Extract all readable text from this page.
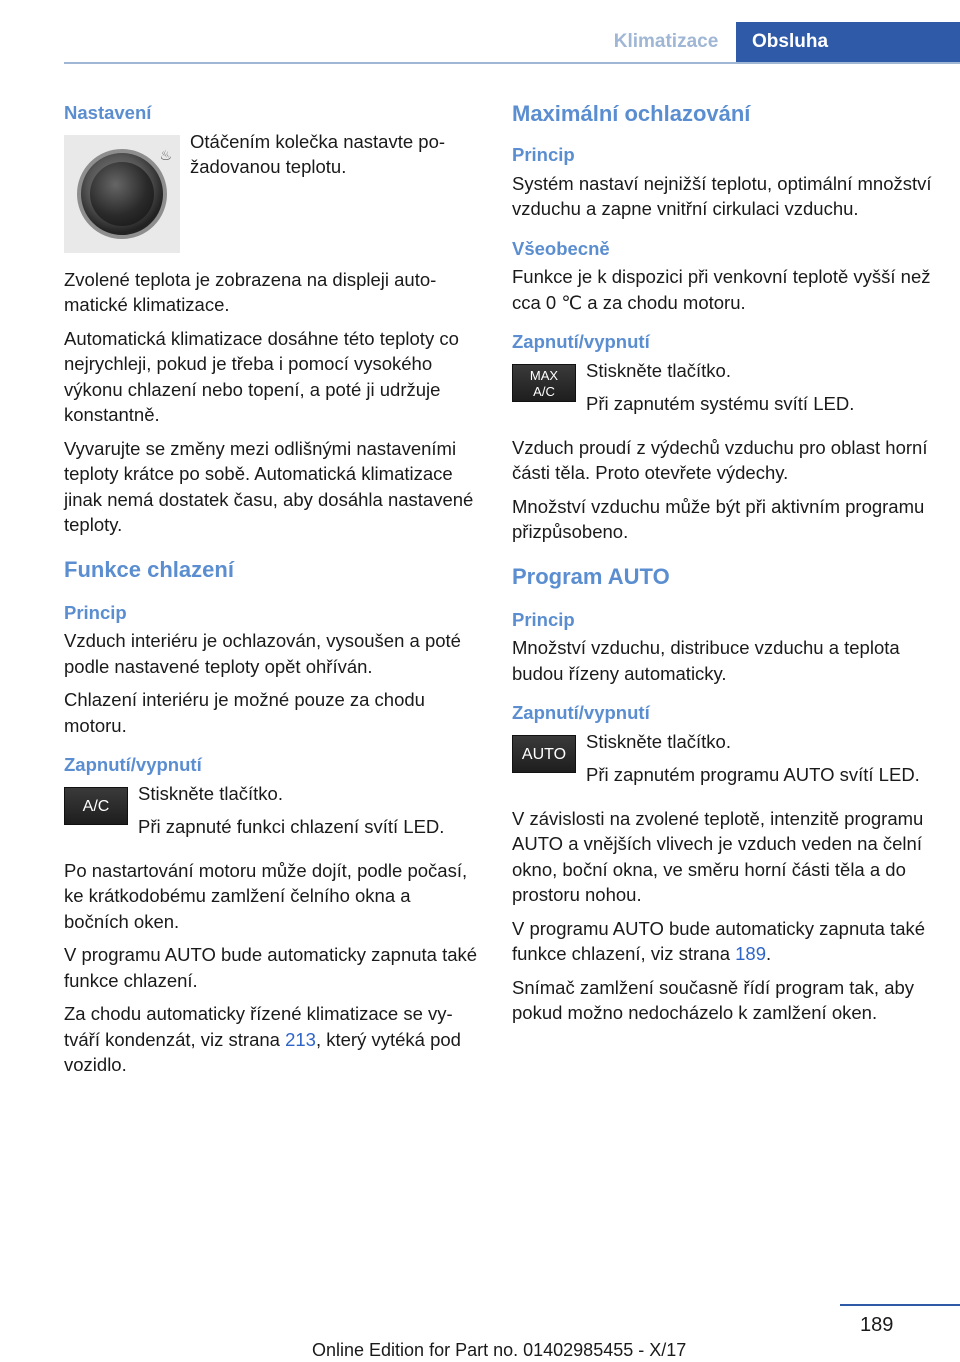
Klimatizace	Obsluha
Nastavení
♨

Otáčením kolečka nastavte požadovanou teplotu.

Zvolené teplota je zobrazena na displeji automatické klimatizace.

Automatická klimatizace dosáhne této teploty co nejrychleji, pokud je třeba i pomocí vysokého výkonu chlazení nebo topení, a poté ji udržuje konstantně.

Vyvarujte se změny mezi odlišnými nastaveními teploty krátce po sobě. Automatická klimatizace jinak nemá dostatek času, aby dosáhla nastavené teploty.

Funkce chlazení
Princip

Vzduch interiéru je ochlazován, vysoušen a poté podle nastavené teploty opět ohříván.

Chlazení interiéru je možné pouze za chodu motoru.

Zapnutí/vypnutí
A/C

Stiskněte tlačítko.

Při zapnuté funkci chlazení svítí LED.

Po nastartování motoru může dojít, podle počasí, ke krátkodobému zamlžení čelního okna a bočních oken.

V programu AUTO bude automaticky zapnuta také funkce chlazení.

Za chodu automaticky řízené klimatizace se vytváří kondenzát, viz strana 213, který vytéká pod vozidlo.

Maximální ochlazování
Princip

Systém nastaví nejnižší teplotu, optimální množství vzduchu a zapne vnitřní cirkulaci vzduchu.

Všeobecně

Funkce je k dispozici při venkovní teplotě vyšší než cca 0 ℃ a za chodu motoru.

Zapnutí/vypnutí
MAX
A/C

Stiskněte tlačítko.

Při zapnutém systému svítí LED.

Vzduch proudí z výdechů vzduchu pro oblast horní části těla. Proto otevřete výdechy.

Množství vzduchu může být při aktivním programu přizpůsobeno.

Program AUTO
Princip

Množství vzduchu, distribuce vzduchu a teplota budou řízeny automaticky.

Zapnutí/vypnutí
AUTO

Stiskněte tlačítko.

Při zapnutém programu AUTO svítí LED.

V závislosti na zvolené teplotě, intenzitě programu AUTO a vnějších vlivech je vzduch veden na čelní okno, boční okna, ve směru horní části těla a do prostoru nohou.

V programu AUTO bude automaticky zapnuta také funkce chlazení, viz strana 189.

Snímač zamlžení současně řídí program tak, aby pokud možno nedocházelo k zamlžení oken.

189
Online Edition for Part no. 01402985455 - X/17
